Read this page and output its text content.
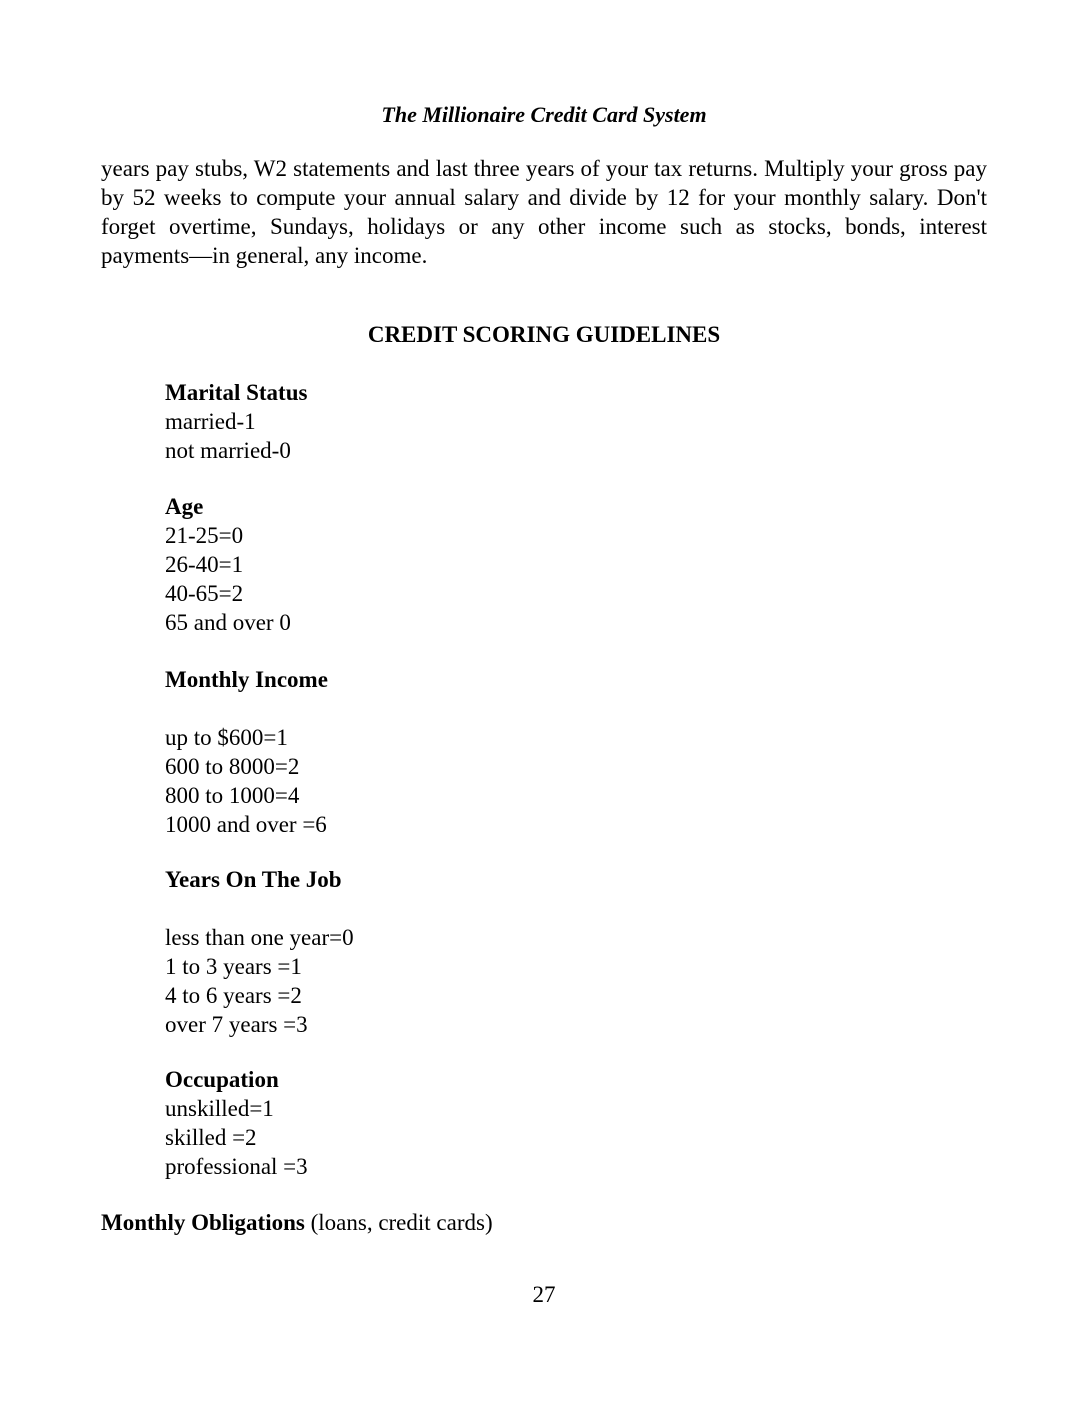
The Millionaire Credit Card System

years pay stubs, W2 statements and last three years of your tax returns. Multiply your gross pay by 52 weeks to compute your annual salary and divide by 12 for your monthly salary. Don't forget overtime, Sundays, holidays or any other income such as stocks, bonds, interest payments—in general, any income.

CREDIT SCORING GUIDELINES
Marital Status
married-1
not married-0
Age
21-25=0
26-40=1
40-65=2
65 and over 0
Monthly Income
up to $600=1
600 to 8000=2
800 to 1000=4
1000 and over =6
Years On The Job
less than one year=0
1 to 3 years =1
4 to 6 years =2
over 7 years =3
Occupation
unskilled=1
skilled =2
professional =3
Monthly Obligations (loans, credit cards)
27
